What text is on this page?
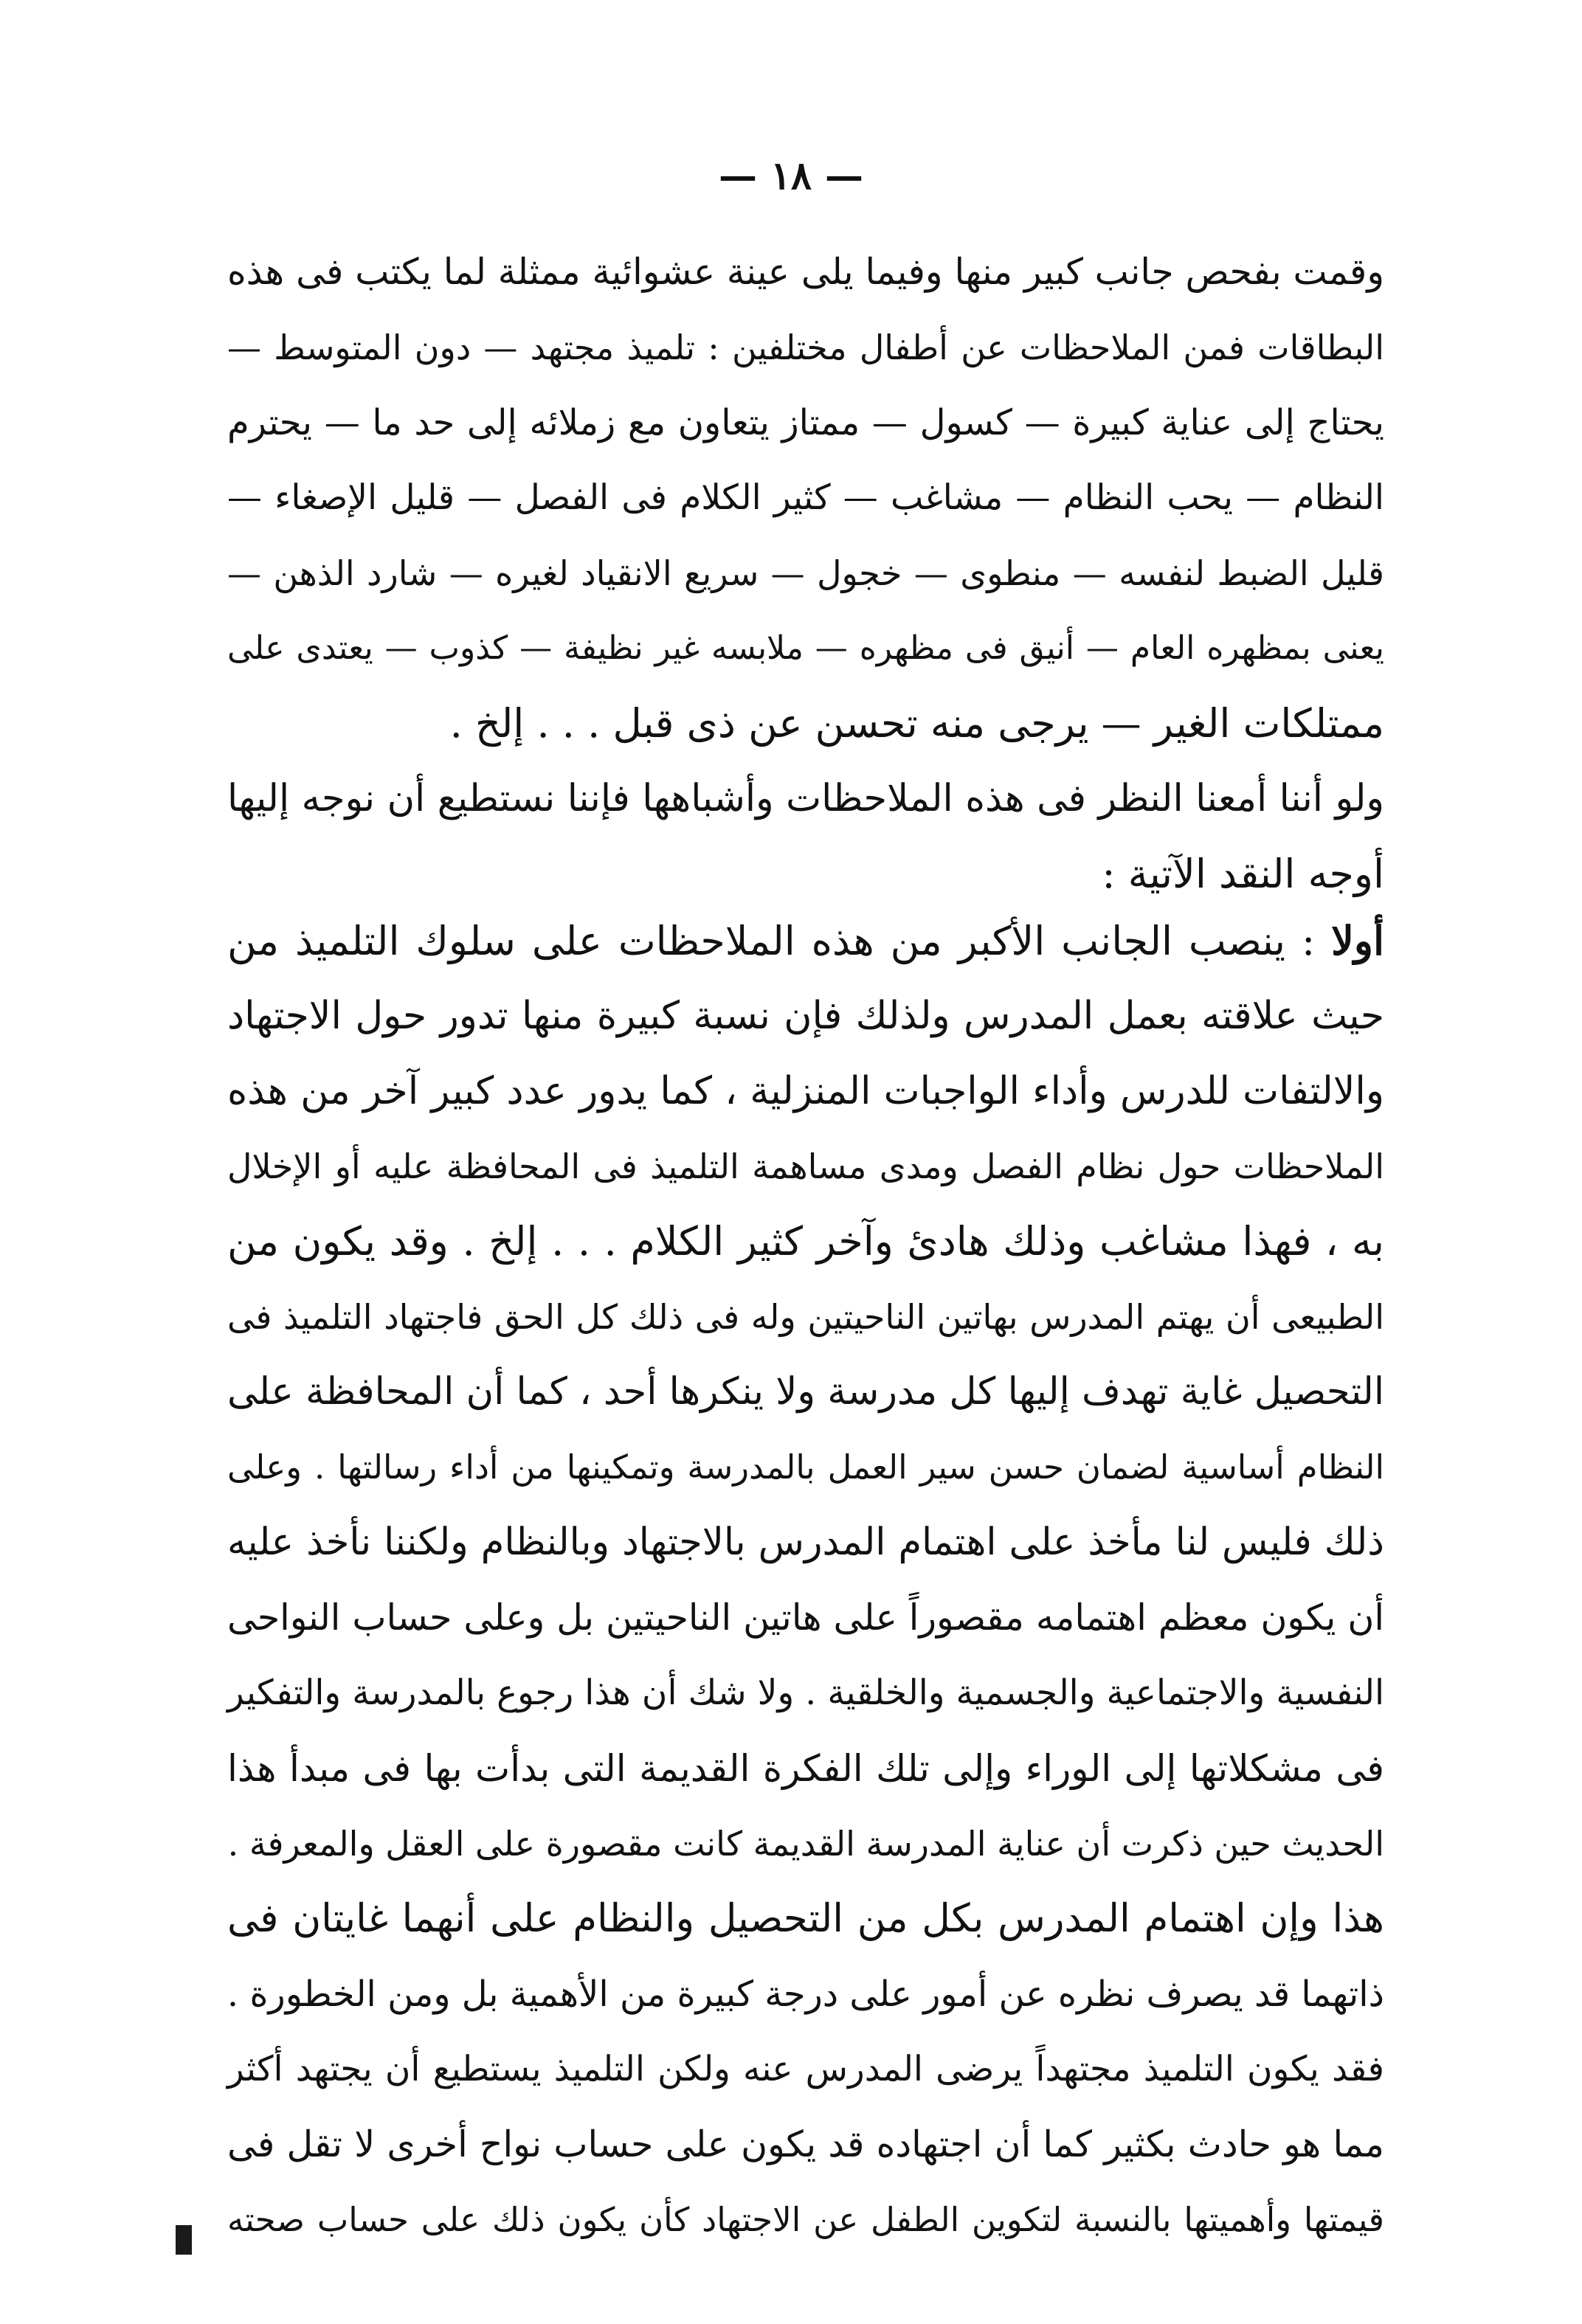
— ١٨ —
وقمت بفحص جانب كبير منها وفيما يلى عينة عشوائية ممثلة لما يكتب فى هذه
البطاقات فمن الملاحظات عن أطفال مختلفين : تلميذ مجتهد — دون المتوسط —
يحتاج إلى عناية كبيرة — كسول — ممتاز يتعاون مع زملائه إلى حد ما — يحترم
النظام — يحب النظام — مشاغب — كثير الكلام فى الفصل — قليل الإصغاء —
قليل الضبط لنفسه — منطوى — خجول — سريع الانقياد لغيره — شارد الذهن —
يعنى بمظهره العام — أنيق فى مظهره — ملابسه غير نظيفة — كذوب — يعتدى على
ممتلكات الغير — يرجى منه تحسن عن ذى قبل . . . إلخ .
ولو أننا أمعنا النظر فى هذه الملاحظات وأشباهها فإننا نستطيع أن نوجه إليها
أوجه النقد الآتية :
أولا : ينصب الجانب الأكبر من هذه الملاحظات على سلوك التلميذ من
حيث علاقته بعمل المدرس ولذلك فإن نسبة كبيرة منها تدور حول الاجتهاد
والالتفات للدرس وأداء الواجبات المنزلية ، كما يدور عدد كبير آخر من هذه
الملاحظات حول نظام الفصل ومدى مساهمة التلميذ فى المحافظة عليه أو الإخلال
به ، فهذا مشاغب وذلك هادئ وآخر كثير الكلام . . . إلخ . وقد يكون من
الطبيعى أن يهتم المدرس بهاتين الناحيتين وله فى ذلك كل الحق فاجتهاد التلميذ فى
التحصيل غاية تهدف إليها كل مدرسة ولا ينكرها أحد ، كما أن المحافظة على
النظام أساسية لضمان حسن سير العمل بالمدرسة وتمكينها من أداء رسالتها . وعلى
ذلك فليس لنا مأخذ على اهتمام المدرس بالاجتهاد وبالنظام ولكننا نأخذ عليه
أن يكون معظم اهتمامه مقصوراً على هاتين الناحيتين بل وعلى حساب النواحى
النفسية والاجتماعية والجسمية والخلقية . ولا شك أن هذا رجوع بالمدرسة والتفكير
فى مشكلاتها إلى الوراء وإلى تلك الفكرة القديمة التى بدأت بها فى مبدأ هذا
الحديث حين ذكرت أن عناية المدرسة القديمة كانت مقصورة على العقل والمعرفة .
هذا وإن اهتمام المدرس بكل من التحصيل والنظام على أنهما غايتان فى
ذاتهما قد يصرف نظره عن أمور على درجة كبيرة من الأهمية بل ومن الخطورة .
فقد يكون التلميذ مجتهداً يرضى المدرس عنه ولكن التلميذ يستطيع أن يجتهد أكثر
مما هو حادث بكثير كما أن اجتهاده قد يكون على حساب نواح أخرى لا تقل فى
قيمتها وأهميتها بالنسبة لتكوين الطفل عن الاجتهاد كأن يكون ذلك على حساب صحته
